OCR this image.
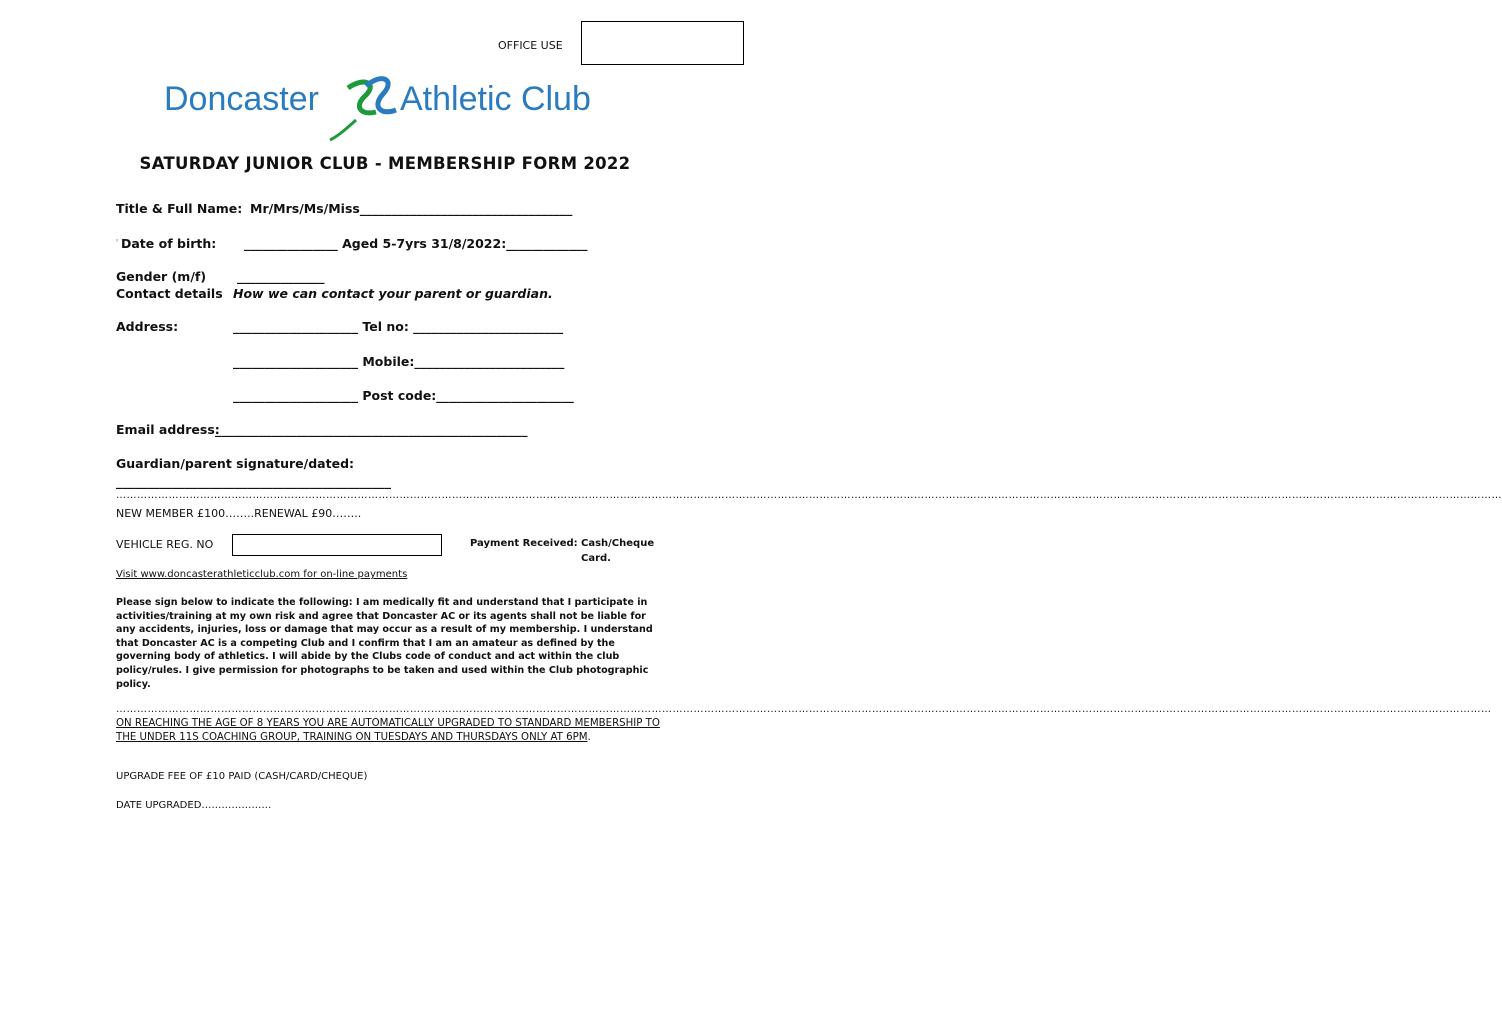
OFFICE USE
Doncaster Athletic Club
SATURDAY JUNIOR CLUB - MEMBERSHIP FORM 2022
Title & Full Name: Mr/Mrs/Ms/Miss__________________________________
◦ Date of birth: _______________ Aged 5-7yrs 31/8/2022:_____________
Gender (m/f) ______________
Contact details How we can contact your parent or guardian.
Address:	____________________ Tel no: ________________________
____________________ Mobile:________________________
____________________ Post code:______________________
Email address:
__________________________________________________
Guardian/parent signature/dated:
____________________________________________
………………………………………………………………………………………………………………………………………………………………………………………………………………………………………………………………………………………………………………………………………………………………
NEW MEMBER £100……..RENEWAL £90……..
VEHICLE REG. NO	Payment Received: Cash/Cheque
Card.
Visit www.doncasterathleticclub.com for on-line payments
Please sign below to indicate the following: I am medically fit and understand that I participate in activities/training at my own risk and agree that Doncaster AC or its agents shall not be liable for any accidents, injuries, loss or damage that may occur as a result of my membership. I understand that Doncaster AC is a competing Club and I confirm that I am an amateur as defined by the governing body of athletics. I will abide by the Clubs code of conduct and act within the club policy/rules. I give permission for photographs to be taken and used within the Club photographic policy.
……………………………………………………………………………………………………………………………………………………………………………………………………………………………………………………………………………………………………………………………………………………………
ON REACHING THE AGE OF 8 YEARS YOU ARE AUTOMATICALLY UPGRADED TO STANDARD MEMBERSHIP TO THE UNDER 11S COACHING GROUP, TRAINING ON TUESDAYS AND THURSDAYS ONLY AT 6PM.
UPGRADE FEE OF £10 PAID (CASH/CARD/CHEQUE)
DATE UPGRADED…………………
